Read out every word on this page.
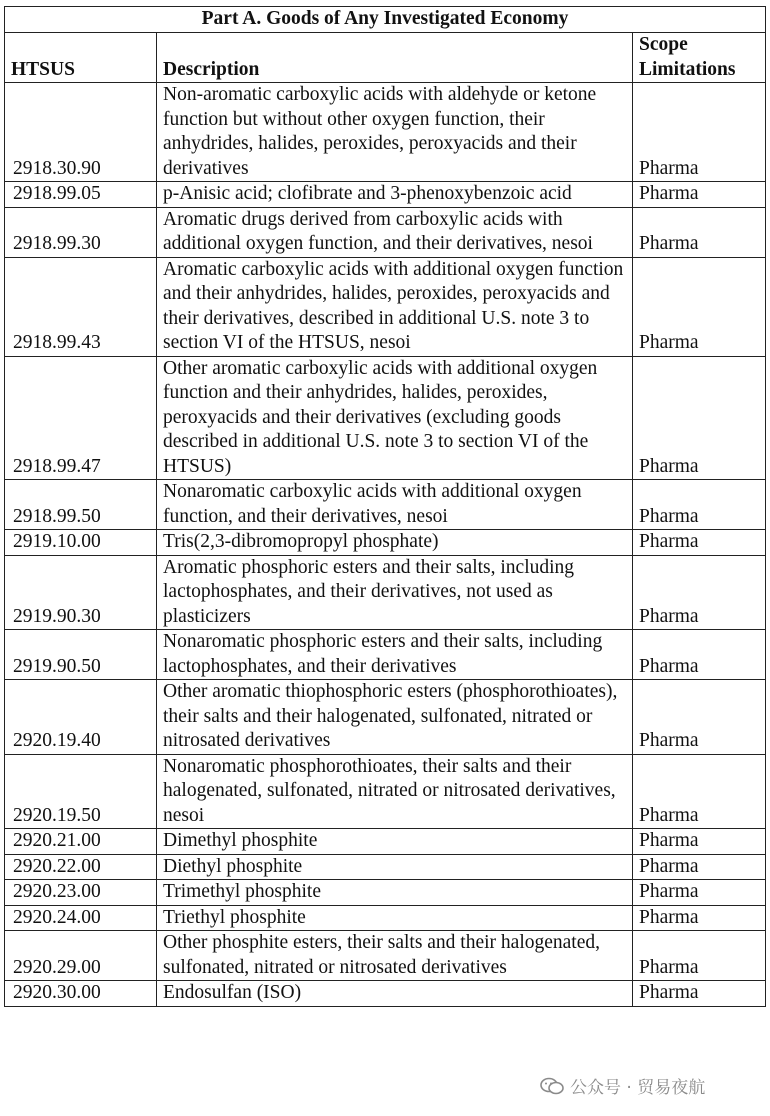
Part A. Goods of Any Investigated Economy		
HTSUS	Description	Scope Limitations
2918.30.90	Non-aromatic carboxylic acids with aldehyde or ketone function but without other oxygen function, their anhydrides, halides, peroxides, peroxyacids and their derivatives	Pharma
2918.99.05	p-Anisic acid; clofibrate and 3-phenoxybenzoic acid	Pharma
2918.99.30	Aromatic drugs derived from carboxylic acids with additional oxygen function, and their derivatives, nesoi	Pharma
2918.99.43	Aromatic carboxylic acids with additional oxygen function and their anhydrides, halides, peroxides, peroxyacids and their derivatives, described in additional U.S. note 3 to section VI of the HTSUS, nesoi	Pharma
2918.99.47	Other aromatic carboxylic acids with additional oxygen function and their anhydrides, halides, peroxides, peroxyacids and their derivatives (excluding goods described in additional U.S. note 3 to section VI of the HTSUS)	Pharma
2918.99.50	Nonaromatic carboxylic acids with additional oxygen function, and their derivatives, nesoi	Pharma
2919.10.00	Tris(2,3-dibromopropyl phosphate)	Pharma
2919.90.30	Aromatic phosphoric esters and their salts, including lactophosphates, and their derivatives, not used as plasticizers	Pharma
2919.90.50	Nonaromatic phosphoric esters and their salts, including lactophosphates, and their derivatives	Pharma
2920.19.40	Other aromatic thiophosphoric esters (phosphorothioates), their salts and their halogenated, sulfonated, nitrated or nitrosated derivatives	Pharma
2920.19.50	Nonaromatic phosphorothioates, their salts and their halogenated, sulfonated, nitrated or nitrosated derivatives, nesoi	Pharma
2920.21.00	Dimethyl phosphite	Pharma
2920.22.00	Diethyl phosphite	Pharma
2920.23.00	Trimethyl phosphite	Pharma
2920.24.00	Triethyl phosphite	Pharma
2920.29.00	Other phosphite esters, their salts and their halogenated, sulfonated, nitrated or nitrosated derivatives	Pharma
2920.30.00	Endosulfan (ISO)	Pharma
公众号 · 贸易夜航
